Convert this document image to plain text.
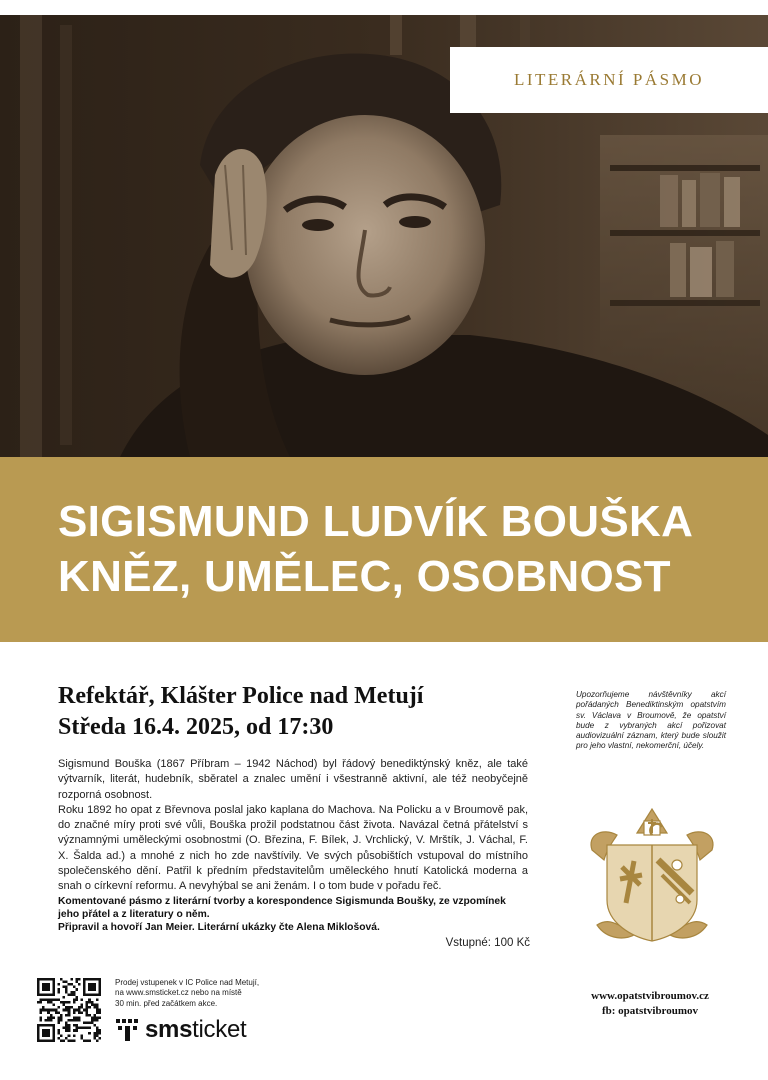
LITERÁRNÍ PÁSMO
SIGISMUND LUDVÍK BOUŠKA
KNĚZ, UMĚLEC, OSOBNOST
Refektář, Klášter Police nad Metují
Středa 16.4. 2025, od 17:30
Upozorňujeme návštěvníky akcí pořádaných Benediktinským opatstvím sv. Václava v Broumově, že opatství bude z vybraných akcí pořizovat audiovizuální záznam, který bude sloužit pro jeho vlastní, nekomerční, účely.

Sigismund Bouška (1867 Příbram – 1942 Náchod) byl řádový benediktýnský kněz, ale také výtvarník, literát, hudebník, sběratel a znalec umění i všestranně aktivní, ale též neobyčejně rozporná osobnost.

Roku 1892 ho opat z Břevnova poslal jako kaplana do Machova. Na Policku a v Broumově pak, do značné míry proti své vůli, Bouška prožil podstatnou část života. Navázal četná přátelství s významnými uměleckými osobnostmi (O. Březina, F. Bílek, J. Vrchlický, V. Mrštík, J. Váchal, F. X. Šalda ad.) a mnohé z nich ho zde navštívily. Ve svých působištích vstupoval do místního společenského dění. Patřil k předním představitelům uměleckého hnutí Katolická moderna a snah o církevní reformu. A nevyhýbal se ani ženám. I o tom bude v pořadu řeč.

Komentované pásmo z literární tvorby a korespondence Sigismunda Boušky, ze vzpomínek jeho přátel a z literatury o něm.

Připravil a hovoří Jan Meier. Literární ukázky čte Alena Miklošová.

Vstupné: 100 Kč

Prodej vstupenek v IC Police nad Metují,

na www.smsticket.cz nebo na místě

30 min. před začátkem akce.

smsticket
www.opatstvibroumov.cz
fb: opatstvibroumov
